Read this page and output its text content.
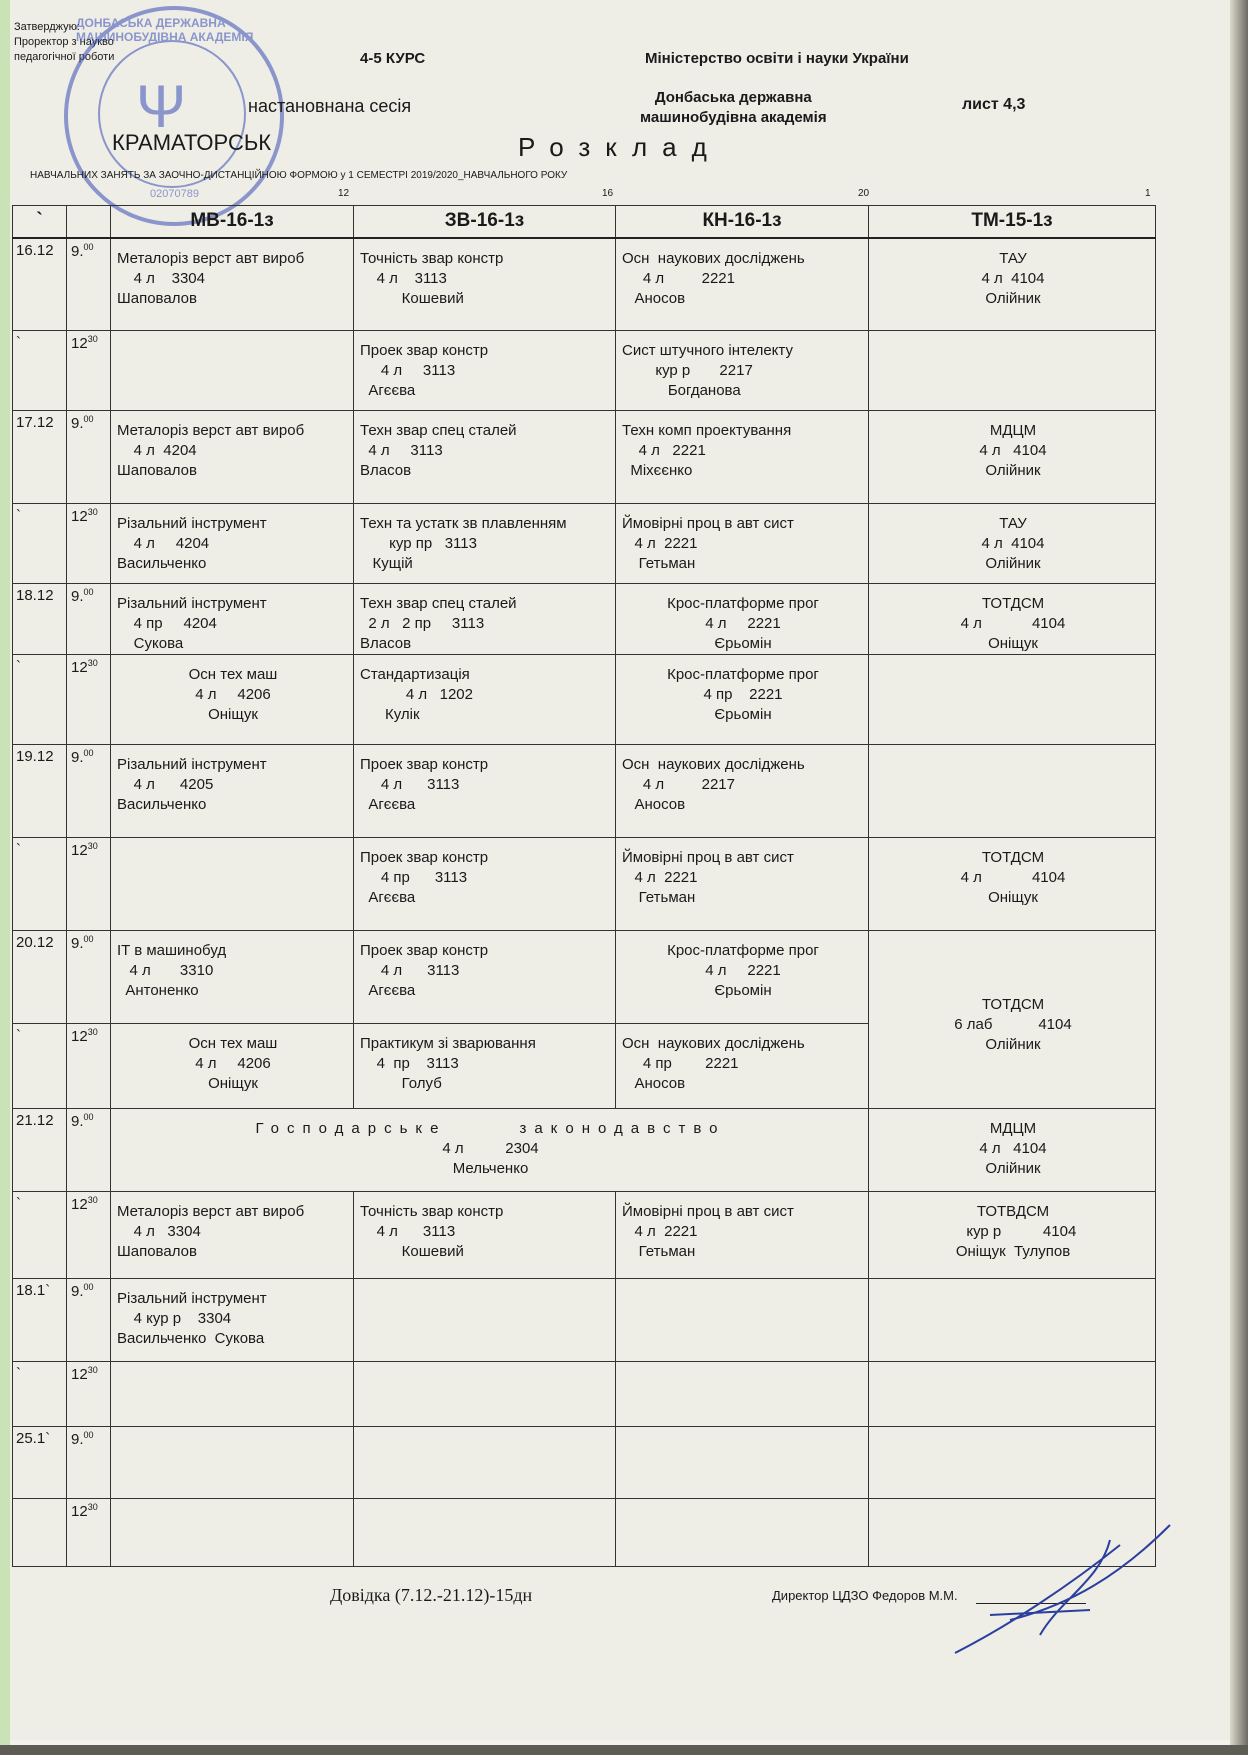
Затверджую:
Проректор з наукво
педагогічної роботи
ДОНБАСЬКА ДЕРЖАВНА МАШИНОБУДІВНА АКАДЕМІЯ
Ψ
02070789
4-5 КУРС	Міністерство освіти і науки України
настановнана сесія	Донбаська державна
машинобудівна академія
лист 4,3
КРАМАТОРСЬК	Розклад
НАВЧАЛЬНИХ ЗАНЯТЬ ЗА ЗАОЧНО-ДИСТАНЦІЙНОЮ ФОРМОЮ у 1 СЕМЕСТРІ 2019/2020_НАВЧАЛЬНОГО РОКУ
12	16	20	1
`		МВ-16-1з	ЗВ-16-1з	КН-16-1з	ТМ-15-1з
16.12	9.00	Металоріз верст авт вироб
4 л    3304
Шаповалов	Точність звар констр
4 л    3113
Кошевий	Осн  наукових досліджень
4 л         2221
Аносов	ТАУ
4 л  4104
Олійник

`	$12^{30}$		Проек звар констр
4 л     3113
Агєєва	Сист штучного інтелекту
кур р       2217
Богданова	

17.12	9.00	Металоріз верст авт вироб
4 л  4204
Шаповалов	Техн звар спец сталей
4 л     3113
Власов	Техн комп проектування
4 л   2221
Міхєєнко	МДЦМ
4 л   4104
Олійник

`	$12^{30}$	Різальний інструмент
4 л     4204
Васильченко	Техн та устатк зв плавленням
кур пр   3113
Кущій	Ймовірні проц в авт сист
4 л  2221
Гетьман	ТАУ
4 л  4104
Олійник

18.12	9.00	Різальний інструмент
4 пр     4204
Сукова	Техн звар спец сталей
2 л   2 пр     3113
Власов	Крос-платформе прог
4 л     2221
Єрьомін	ТОТДСМ
4 л            4104
Оніщук

`	$12^{30}$	Осн тех маш
4 л     4206
Оніщук	Стандартизація
4 л   1202
Кулік	Крос-платформе прог
4 пр    2221
Єрьомін	

19.12	9.00	Різальний інструмент
4 л      4205
Васильченко	Проек звар констр
4 л      3113
Агєєва	Осн  наукових досліджень
4 л         2217
Аносов	

`	$12^{30}$		Проек звар констр
4 пр      3113
Агєєва	Ймовірні проц в авт сист
4 л  2221
Гетьман	ТОТДСМ
4 л            4104
Оніщук

20.12	9.00	IT в машинобуд
4 л       3310
Антоненко	Проек звар констр
4 л      3113
Агєєва	Крос-платформе прог
4 л     2221
Єрьомін	ТОТДСМ
6 лаб           4104
Олійник

`	$12^{30}$	Осн тех маш
4 л     4206
Оніщук	Практикум зі зварювання
4  пр    3113
Голуб	Осн  наукових досліджень
4 пр        2221
Аносов	

21.12	9.00	Господарське      законодавство
4 л          2304
Мельченко			МДЦМ
4 л   4104
Олійник

`	$12^{30}$	Металоріз верст авт вироб
4 л   3304
Шаповалов	Точність звар констр
4 л      3113
Кошевий	Ймовірні проц в авт сист
4 л  2221
Гетьман	ТОТВДСМ
кур р          4104
Оніщук  Тулупов

18.1`	9.00	Різальний інструмент
4 кур р    3304
Васильченко  Сукова			

`	$12^{30}$				
25.1`	9.00				
	$12^{30}$				
Довідка (7.12.-21.12)-15дн	Директор ЦДЗО Федоров М.М.
